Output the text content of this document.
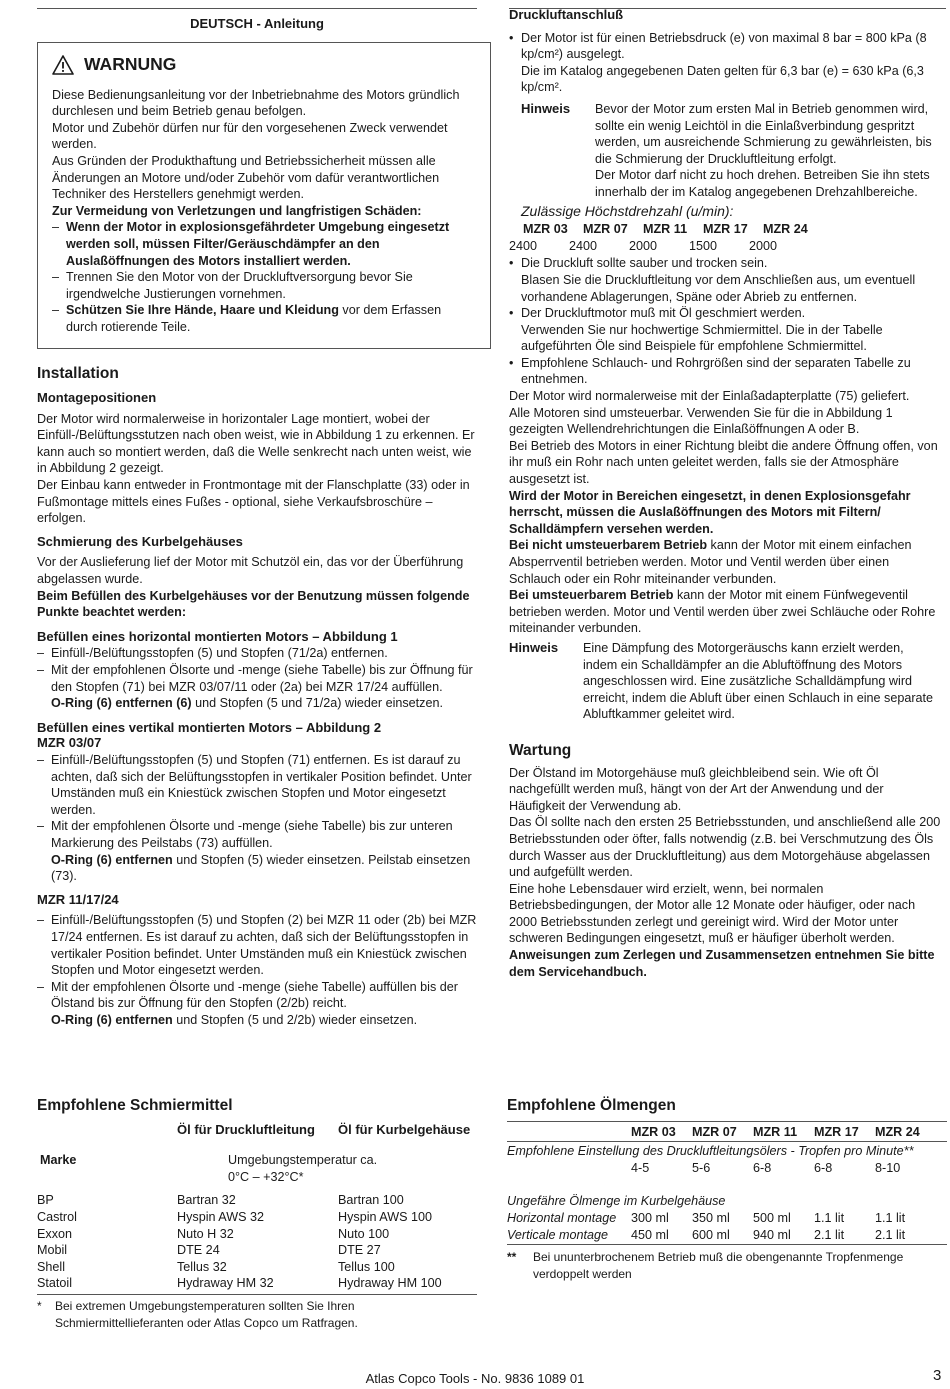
DEUTSCH - Anleitung
WARNUNG

Diese Bedienungsanleitung vor der Inbetriebnahme des Motors gründlich durchlesen und beim Betrieb genau befolgen.

Motor und Zubehör dürfen nur für den vorgesehenen Zweck verwendet werden.

Aus Gründen der Produkthaftung und Betriebssicherheit müssen alle Änderungen an Motore und/oder Zubehör vom dafür verantwortlichen Techniker des Herstellers genehmigt werden.

Zur Vermeidung von Verletzungen und langfristigen Schäden:

– Wenn der Motor in explosionsgefährdeter Umgebung eingesetzt werden soll, müssen Filter/Geräuschdämpfer an den Auslaßöffnungen des Motors installiert werden.
– Trennen Sie den Motor von der Druckluftversorgung bevor Sie irgendwelche Justierungen vornehmen.
– Schützen Sie Ihre Hände, Haare und Kleidung vor dem Erfassen durch rotierende Teile.
Installation
Montagepositionen

Der Motor wird normalerweise in horizontaler Lage montiert, wobei der Einfüll-/Belüftungsstutzen nach oben weist, wie in Abbildung 1 zu erkennen. Er kann auch so montiert werden, daß die Welle senkrecht nach unten weist, wie in Abbildung 2 gezeigt.

Der Einbau kann entweder in Frontmontage mit der Flanschplatte (33) oder in Fußmontage mittels eines Fußes - optional, siehe Verkaufsbroschüre – erfolgen.

Schmierung des Kurbelgehäuses

Vor der Auslieferung lief der Motor mit Schutzöl ein, das vor der Überführung abgelassen wurde.

Beim Befüllen des Kurbelgehäuses vor der Benutzung müssen folgende Punkte beachtet werden:

Befüllen eines horizontal montierten Motors – Abbildung 1
– Einfüll-/Belüftungsstopfen (5) und Stopfen (71/2a) entfernen.
– Mit der empfohlenen Ölsorte und -menge (siehe Tabelle) bis zur Öffnung für den Stopfen (71) bei MZR 03/07/11 oder (2a) bei MZR 17/24 auffüllen.

O-Ring (6) entfernen (6) und Stopfen (5 und 71/2a) wieder einsetzen.

Befüllen eines vertikal montierten Motors – Abbildung 2
MZR 03/07
– Einfüll-/Belüftungsstopfen (5) und Stopfen (71) entfernen. Es ist darauf zu achten, daß sich der Belüftungsstopfen in vertikaler Position befindet. Unter Umständen muß ein Kniestück zwischen Stopfen und Motor eingesetzt werden.
– Mit der empfohlenen Ölsorte und -menge (siehe Tabelle) bis zur unteren Markierung des Peilstabs (73) auffüllen.

O-Ring (6) entfernen und Stopfen (5) wieder einsetzen. Peilstab einsetzen (73).

MZR 11/17/24
– Einfüll-/Belüftungsstopfen (5) und Stopfen (2) bei MZR 11 oder (2b) bei MZR 17/24 entfernen. Es ist darauf zu achten, daß sich der Belüftungsstopfen in vertikaler Position befindet. Unter Umständen muß ein Kniestück zwischen Stopfen und Motor eingesetzt werden.
– Mit der empfohlenen Ölsorte und -menge (siehe Tabelle) auffüllen bis der Ölstand bis zur Öffnung für den Stopfen (2/2b) reicht.

O-Ring (6) entfernen und Stopfen (5 und 2/2b) wieder einsetzen.

Druckluftanschluß
• Der Motor ist für einen Betriebsdruck (e) von maximal 8 bar = 800 kPa (8 kp/cm²) ausgelegt.

Die im Katalog angegebenen Daten gelten für 6,3 bar (e) = 630 kPa (6,3 kp/cm².

Hinweis	Bevor der Motor zum ersten Mal in Betrieb genommen wird, sollte ein wenig Leichtöl in die Einlaßverbindung gespritzt werden, um ausreichende Schmierung zu gewährleisten, bis die Schmierung der Druckluftleitung erfolgt.
Der Motor darf nicht zu hoch drehen. Betreiben Sie ihn stets innerhalb der im Katalog angegebenen Drehzahlbereiche.

Zulässige Höchstdrehzahl (u/min):

MZR 03	MZR 07	MZR 11	MZR 17	MZR 24
2400	2400	2000	1500	2000
• Die Druckluft sollte sauber und trocken sein.

Blasen Sie die Druckluftleitung vor dem Anschließen aus, um eventuell vorhandene Ablagerungen, Späne oder Abrieb zu entfernen.

• Der Druckluftmotor muß mit Öl geschmiert werden.

Verwenden Sie nur hochwertige Schmiermittel. Die in der Tabelle aufgeführten Öle sind Beispiele für empfohlene Schmiermittel.

• Empfohlene Schlauch- und Rohrgrößen sind der separaten Tabelle zu entnehmen.

Der Motor wird normalerweise mit der Einlaßadapterplatte (75) geliefert.

Alle Motoren sind umsteuerbar. Verwenden Sie für die in Abbildung 1 gezeigten Wellendrehrichtungen die Einlaßöffnungen A oder B.

Bei Betrieb des Motors in einer Richtung bleibt die andere Öffnung offen, von ihr muß ein Rohr nach unten geleitet werden, falls sie der Atmosphäre ausgesetzt ist.

Wird der Motor in Bereichen eingesetzt, in denen Explosionsgefahr herrscht, müssen die Auslaßöffnungen des Motors mit Filtern/ Schalldämpfern versehen werden.

Bei nicht umsteuerbarem Betrieb kann der Motor mit einem einfachen Absperrventil betrieben werden. Motor und Ventil werden über einen Schlauch oder ein Rohr miteinander verbunden.

Bei umsteuerbarem Betrieb kann der Motor mit einem Fünfwegeventil betrieben werden. Motor und Ventil werden über zwei Schläuche oder Rohre miteinander verbunden.

Hinweis	Eine Dämpfung des Motorgeräuschs kann erzielt werden, indem ein Schalldämpfer an die Abluftöffnung des Motors angeschlossen wird. Eine zusätzliche Schalldämpfung wird erreicht, indem die Abluft über einen Schlauch in eine separate Abluftkammer geleitet wird.
Wartung

Der Ölstand im Motorgehäuse muß gleichbleibend sein. Wie oft Öl nachgefüllt werden muß, hängt von der Art der Anwendung und der Häufigkeit der Verwendung ab.

Das Öl sollte nach den ersten 25 Betriebsstunden, und anschließend alle 200 Betriebsstunden oder öfter, falls notwendig (z.B. bei Verschmutzung des Öls durch Wasser aus der Druckluftleitung) aus dem Motorgehäuse abgelassen und aufgefüllt werden.

Eine hohe Lebensdauer wird erzielt, wenn, bei normalen Betriebsbedingungen, der Motor alle 12 Monate oder häufiger, oder nach 2000 Betriebsstunden zerlegt und gereinigt wird. Wird der Motor unter schweren Bedingungen eingesetzt, muß er häufiger überholt werden.

Anweisungen zum Zerlegen und Zusammensetzen entnehmen Sie bitte dem Servicehandbuch.

Empfohlene Schmiermittel
Öl für Druckluftleitung	Öl für Kurbelgehäuse
Marke	Umgebungstemperatur ca.
0°C – +32°C*
BP	Bartran 32	Bartran 100
Castrol	Hyspin AWS 32	Hyspin AWS 100
Exxon	Nuto H 32	Nuto 100
Mobil	DTE 24	DTE 27
Shell	Tellus 32	Tellus 100
Statoil	Hydraway HM 32	Hydraway HM 100
*	Bei extremen Umgebungstemperaturen sollten Sie Ihren Schmiermittellieferanten oder Atlas Copco um Ratfragen.
Empfohlene Ölmengen
MZR 03	MZR 07	MZR 11	MZR 17	MZR 24

Empfohlene Einstellung des Druckluftleitungsölers - Tropfen pro Minute**

4-5	5-6	6-8	6-8	8-10

Ungefähre Ölmenge im Kurbelgehäuse

Horizontal montage	300 ml	350 ml	500 ml	1.1 lit	1.1 lit
Verticale montage	450 ml	600 ml	940 ml	2.1 lit	2.1 lit
**	Bei ununterbrochenem Betrieb muß die obengenannte Tropfenmenge verdoppelt werden
Atlas Copco Tools - No. 9836 1089 01	3
